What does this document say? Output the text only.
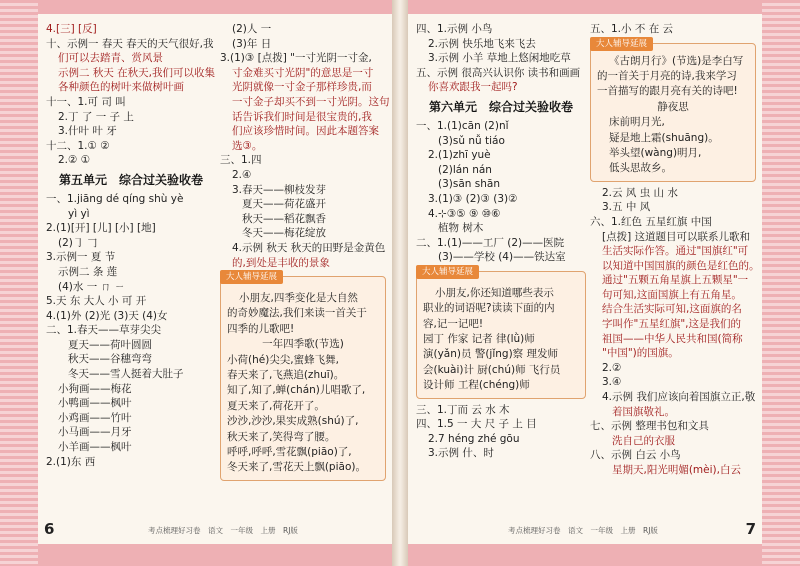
4.[三] [反]
十、示例一 春天 春天的天气很好,我
们可以去踏青、赏风景
示例二 秋天 在秋天,我们可以收集
各种颜色的树叶来做树叶画
十一、1.可 司 叫
2.丁 了 一 子 上
3.什叶 叶 牙
十二、1.① ②
2.② ①
第五单元　综合过关验收卷
一、1.jiāng dé qíng shù yè
yì yì
2.(1)[开] [儿] [小] [地]
(2)㇆ 𠃌
3.示例一 夏 节
示例二 条 莲
(4)水 一 ㄇ ㄧ
5.天 东 大人 小 可 开
4.(1)外 (2)光 (3)天 (4)女
二、1.春天——草芽尖尖
夏天——荷叶圆圆
秋天——谷穗弯弯
冬天——雪人挺着大肚子
小狗画——梅花
小鸭画——枫叶
小鸡画——竹叶
小马画——月牙
小羊画——枫叶
2.(1)东 西
(2)人 一
(3)年 日
3.(1)③ [点拨] "一寸光阴一寸金,
寸金难买寸光阴"的意思是一寸
光阴就像一寸金子那样珍贵,而
一寸金子却买不到一寸光阴。这句
话告诉我们时间是很宝贵的,我
们应该珍惜时间。因此本题答案
选③。
三、1.四
2.④
3.春天——柳枝发芽
夏天——荷花盛开
秋天——稻花飘香
冬天——梅花绽放
4.示例 秋天 秋天的田野是金黄色
的,到处是丰收的景象
大人辅导延展
小朋友,四季变化是大自然
的奇妙魔法,我们来读一首关于
四季的儿歌吧!
一年四季歌(节选)
小荷(hé)尖尖,蜜蜂飞舞,
春天来了,飞燕追(zhuī)。
知了,知了,蝉(chán)儿唱歌了,
夏天来了,荷花开了。
沙沙,沙沙,果实成熟(shú)了,
秋天来了,笑得弯了腰。
呼呼,呼呼,雪花飘(piāo)了,
冬天来了,雪花天上飘(piāo)。
6	考点梳理好习卷　语文　一年级　上册　RJ版
四、1.示例 小鸟
2.示例 快乐地飞来飞去
3.示例 小羊 草地上悠闲地吃草
五、示例 很高兴认识你 读书和画画
你喜欢跟我一起吗?
第六单元　综合过关验收卷
一、1.(1)cān (2)nǐ
(3)sǔ nǚ tiáo
2.(1)zhī yuè
(2)lán nán
(3)sān shān
3.(1)③ (2)③ (3)②
4.⊹③⑤ ⑨ ⑩⑥
植物 树木
二、1.(1)——工厂 (2)——医院
(3)——学校 (4)——铁达室
大人辅导延展
小朋友,你还知道哪些表示
职业的词语呢?读读下面的内
容,记一记吧!
园丁 作家 记者 律(lǜ)师
演(yǎn)员 警(jǐng)察 理发师
会(kuài)计 厨(chú)师 飞行员
设计师 工程(chéng)师
三、1.丁而 云 水 木
四、1.5 一 大 尺 子 上 目
2.7 héng zhé gōu
3.示例 什、时
五、1.小 不 在 云
大人辅导延展
《古朗月行》(节选)是李白写
的一首关于月亮的诗,我来学习
一首描写的跟月亮有关的诗吧!
静夜思
床前明月光,
疑是地上霜(shuāng)。
举头望(wàng)明月,
低头思故乡。
2.云 风 虫 山 水
3.五 中 风
六、1.红色 五星红旗 中国
[点拨] 这道题目可以联系儿歌和
生活实际作答。通过"国旗红"可
以知道中国国旗的颜色是红色的。
通过"五颗五角星旗上五颗星"一
句可知,这面国旗上有五角星。
结合生活实际可知,这面旗的名
字叫作"五星红旗",这是我们的
祖国——中华人民共和国(简称
"中国")的国旗。
2.②
3.④
4.示例 我们应该向着国旗立正,敬
着国旗敬礼。
七、示例 整理书包和文具
洗自己的衣服
八、示例 白云 小鸟
星期天,阳光明媚(mèi),白云
7
考点梳理好习卷　语文　一年级　上册　RJ版
